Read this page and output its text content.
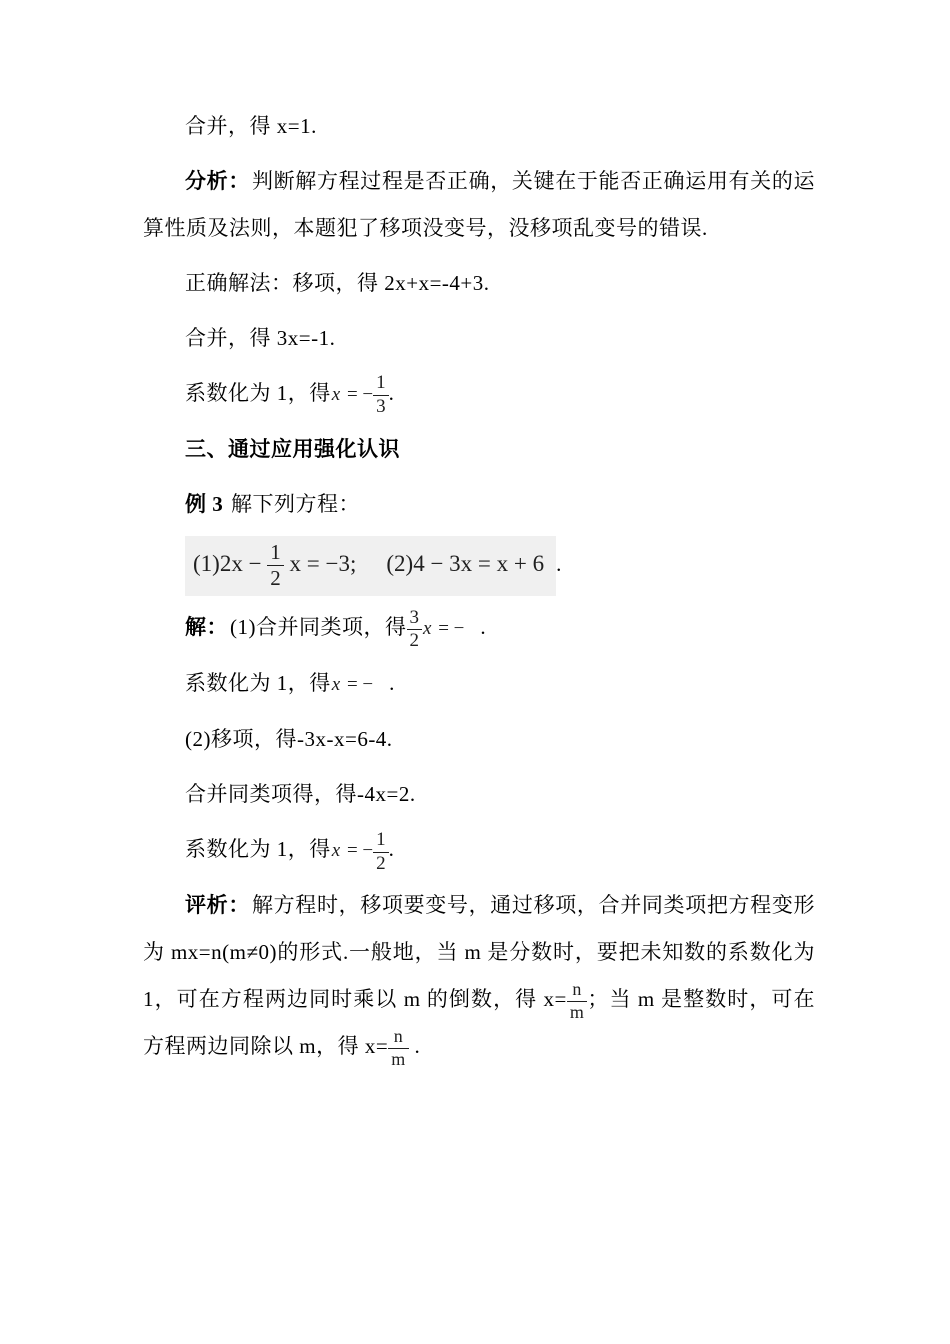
合并，得 x=1.

分析：判断解方程过程是否正确，关键在于能否正确运用有关的运算性质及法则，本题犯了移项没变号，没移项乱变号的错误.

正确解法：移项，得 2x+x=-4+3.

合并，得 3x=-1.

系数化为 1，得x = − $\frac{1}{3}$ .

三、通过应用强化认识

例 3 解下列方程：

$(1)2x - \frac{1}{2}$ x = −3; (2)4 − 3x = x + 6 .

解：(1)合并同类项，得 $\frac{3}{2}$ x = − .

系数化为 1，得x = − .

(2)移项，得-3x-x=6-4.

合并同类项得，得-4x=2.

系数化为 1，得x = − $\frac{1}{2}$ .

评析：解方程时，移项要变号，通过移项，合并同类项把方程变形为 mx=n(m≠0)的形式.一般地，当 m 是分数时，要把未知数的系数化为 1，可在方程两边同时乘以 m 的倒数，得 $x= \frac{n}{m}$ ；当 m 是整数时，可在方程两边同除以 m，得 $x= \frac{n}{m}$ .
